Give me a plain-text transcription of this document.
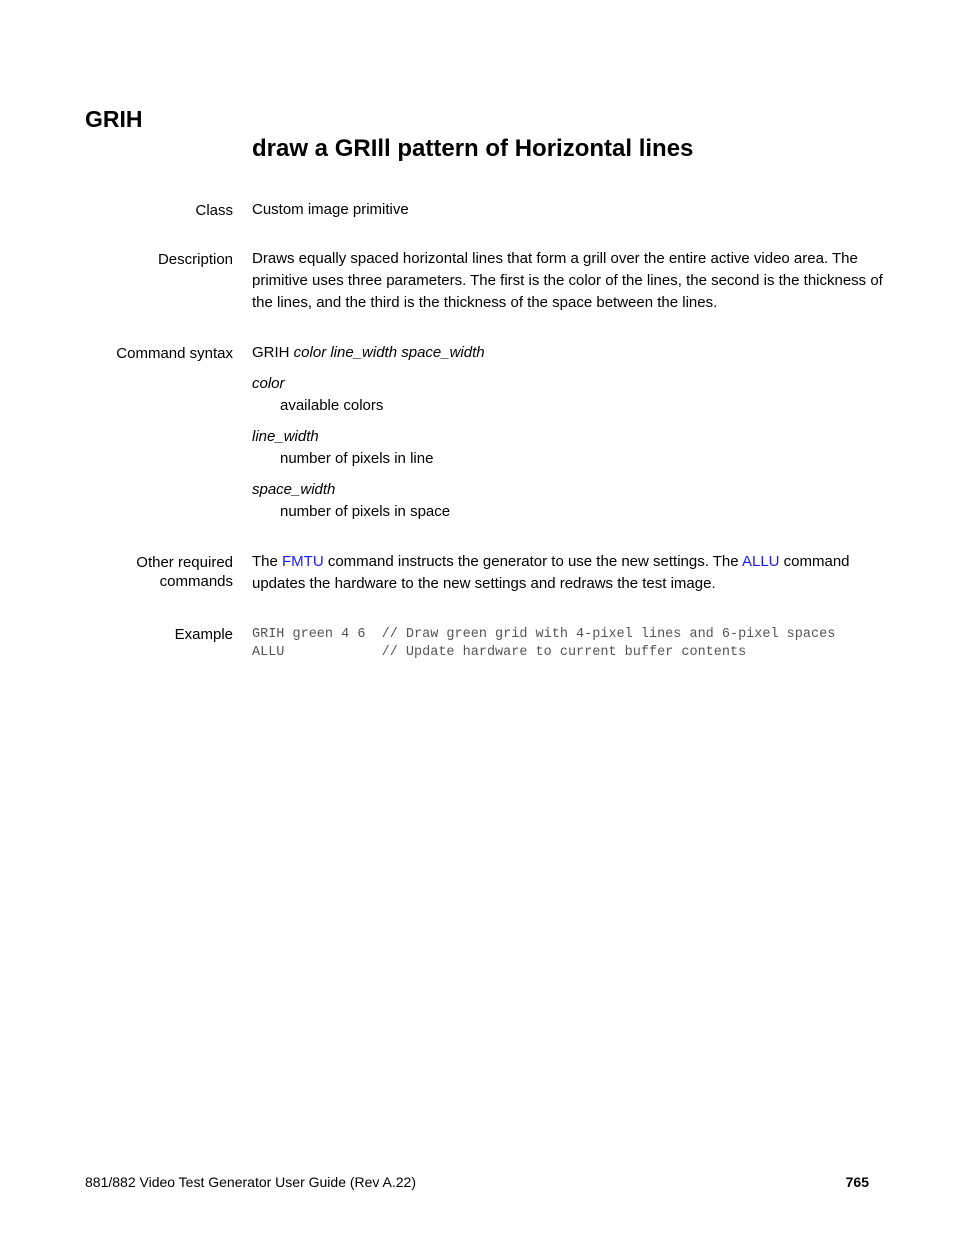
GRIH
draw a GRIll pattern of Horizontal lines
Class Custom image primitive
Description Draws equally spaced horizontal lines that form a grill over the entire active video area. The primitive uses three parameters. The first is the color of the lines, the second is the thickness of the lines, and the third is the thickness of the space between the lines.
Command syntax GRIH color line_width space_width
color
available colors
line_width
number of pixels in line
space_width
number of pixels in space
Other required
commands
The FMTU command instructs the generator to use the new settings. The ALLU command updates the hardware to the new settings and redraws the test image.
Example GRIH green 4 6  // Draw green grid with 4-pixel lines and 6-pixel spaces
ALLU            // Update hardware to current buffer contents
881/882 Video Test Generator User Guide (Rev A.22)	765
